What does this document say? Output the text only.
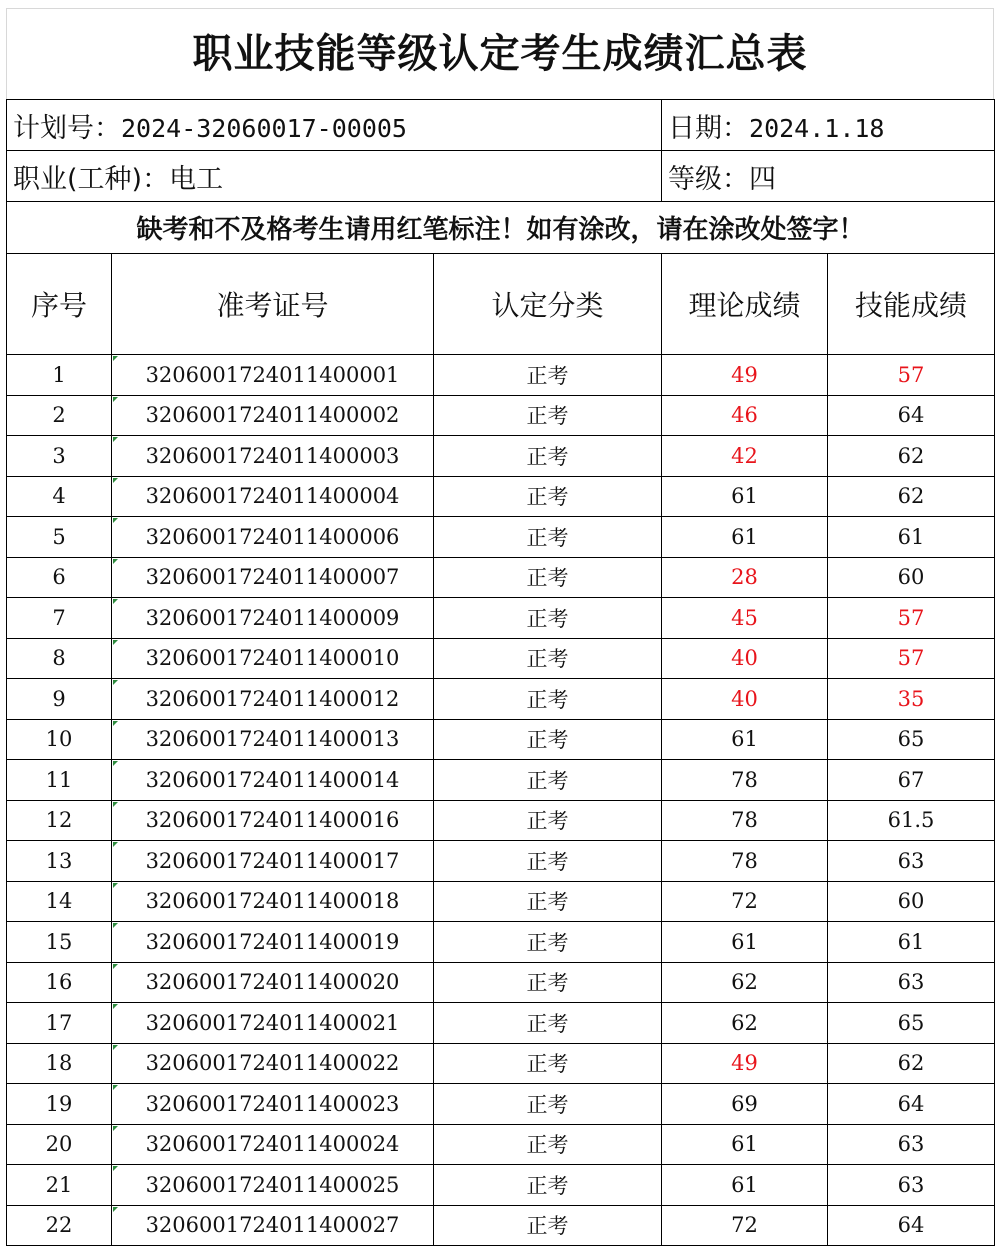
职业技能等级认定考生成绩汇总表
计划号：2024-32060017-00005			日期：2024.1.18	
职业(工种)：电工			等级：四	
缺考和不及格考生请用红笔标注！如有涂改，请在涂改处签字！				
序号	准考证号	认定分类	理论成绩	技能成绩
1	3206001724011400001	正考	49	57
2	3206001724011400002	正考	46	64
3	3206001724011400003	正考	42	62
4	3206001724011400004	正考	61	62
5	3206001724011400006	正考	61	61
6	3206001724011400007	正考	28	60
7	3206001724011400009	正考	45	57
8	3206001724011400010	正考	40	57
9	3206001724011400012	正考	40	35
10	3206001724011400013	正考	61	65
11	3206001724011400014	正考	78	67
12	3206001724011400016	正考	78	61.5
13	3206001724011400017	正考	78	63
14	3206001724011400018	正考	72	60
15	3206001724011400019	正考	61	61
16	3206001724011400020	正考	62	63
17	3206001724011400021	正考	62	65
18	3206001724011400022	正考	49	62
19	3206001724011400023	正考	69	64
20	3206001724011400024	正考	61	63
21	3206001724011400025	正考	61	63
22	3206001724011400027	正考	72	64
